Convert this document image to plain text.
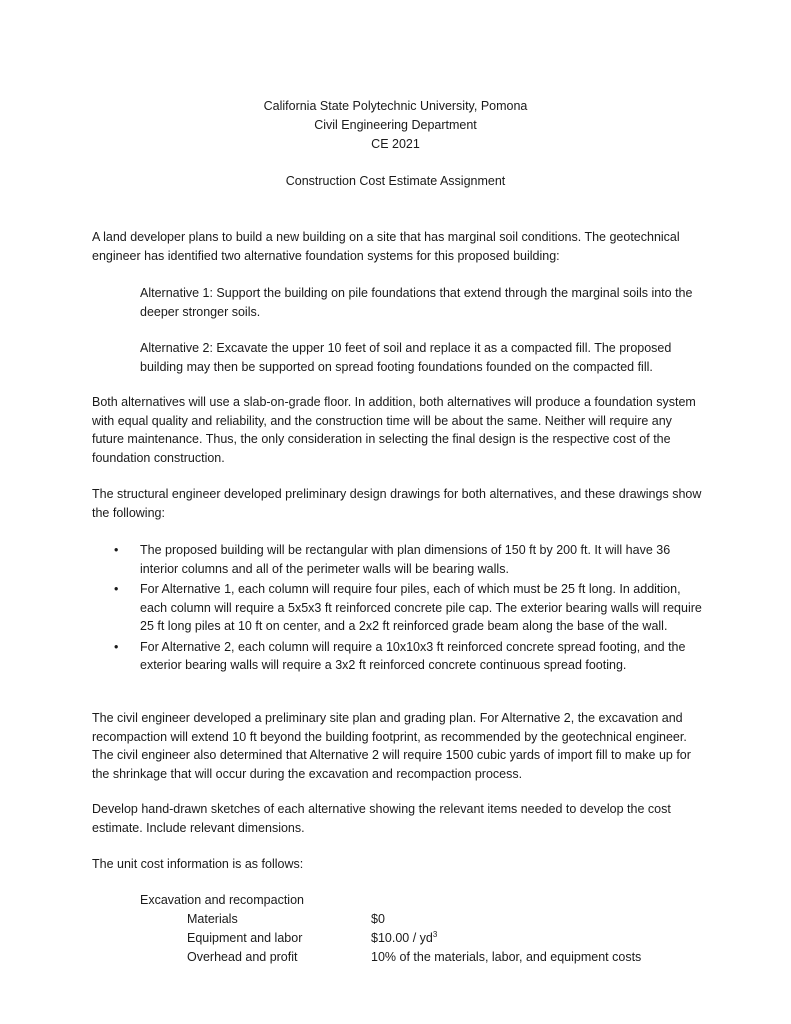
California State Polytechnic University, Pomona
Civil Engineering Department
CE 2021
Construction Cost Estimate Assignment

A land developer plans to build a new building on a site that has marginal soil conditions. The geotechnical engineer has identified two alternative foundation systems for this proposed building:

Alternative 1: Support the building on pile foundations that extend through the marginal soils into the deeper stronger soils.

Alternative 2: Excavate the upper 10 feet of soil and replace it as a compacted fill. The proposed building may then be supported on spread footing foundations founded on the compacted fill.

Both alternatives will use a slab-on-grade floor. In addition, both alternatives will produce a foundation system with equal quality and reliability, and the construction time will be about the same. Neither will require any future maintenance. Thus, the only consideration in selecting the final design is the respective cost of the foundation construction.

The structural engineer developed preliminary design drawings for both alternatives, and these drawings show the following:

• The proposed building will be rectangular with plan dimensions of 150 ft by 200 ft. It will have 36 interior columns and all of the perimeter walls will be bearing walls.
• For Alternative 1, each column will require four piles, each of which must be 25 ft long. In addition, each column will require a 5x5x3 ft reinforced concrete pile cap. The exterior bearing walls will require 25 ft long piles at 10 ft on center, and a 2x2 ft reinforced grade beam along the base of the wall.
• For Alternative 2, each column will require a 10x10x3 ft reinforced concrete spread footing, and the exterior bearing walls will require a 3x2 ft reinforced concrete continuous spread footing.

The civil engineer developed a preliminary site plan and grading plan. For Alternative 2, the excavation and recompaction will extend 10 ft beyond the building footprint, as recommended by the geotechnical engineer. The civil engineer also determined that Alternative 2 will require 1500 cubic yards of import fill to make up for the shrinkage that will occur during the excavation and recompaction process.

Develop hand-drawn sketches of each alternative showing the relevant items needed to develop the cost estimate. Include relevant dimensions.

The unit cost information is as follows:

Excavation and recompaction
Materials	$0
Equipment and labor	$10.00 / $yd^3$
Overhead and profit	10% of the materials, labor, and equipment costs
